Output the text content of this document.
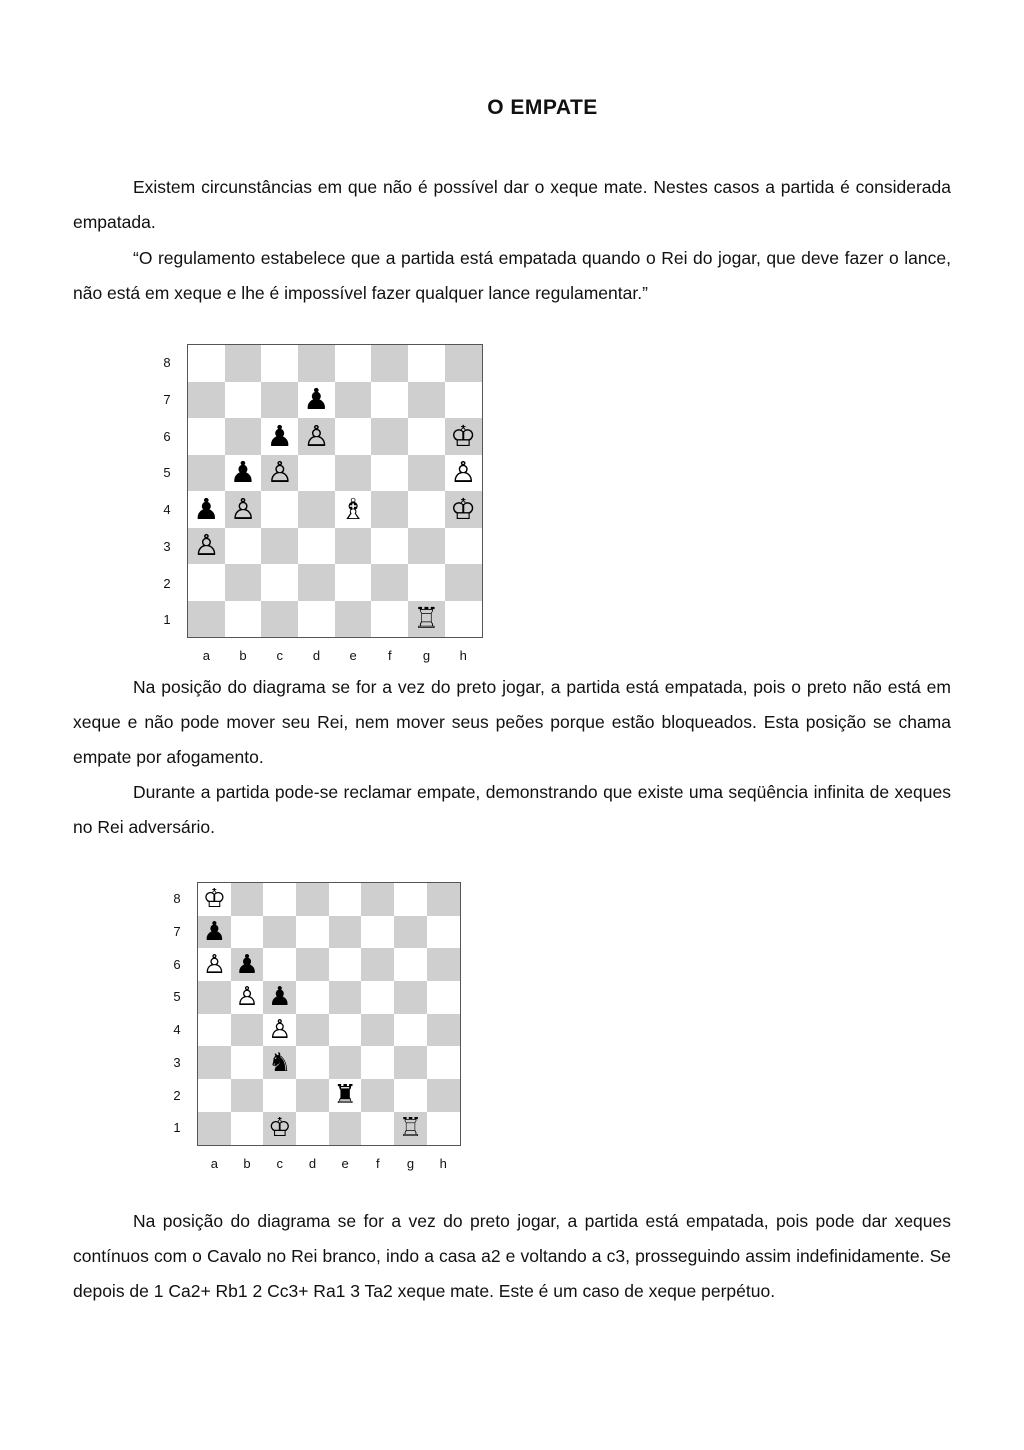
O EMPATE

Existem circunstâncias em que não é possível dar o xeque mate. Nestes casos a partida é considerada empatada.

“O regulamento estabelece que a partida está empatada quando o Rei do jogar, que deve fazer o lance, não está em xeque e lhe é impossível fazer qualquer lance regulamentar.”

♟
♟ ♙	♔
♟ ♙	♙
♟ ♙	♗	♔
♙
♖
8
7
6
5
4
3
2
1
a	b	c	d	e	f	g	h

Na posição do diagrama se for a vez do preto jogar, a partida está empatada, pois o preto não está em xeque e não pode mover seu Rei, nem mover seus peões porque estão bloqueados. Esta posição se chama empate por afogamento.

Durante a partida pode-se reclamar empate, demonstrando que existe uma seqüência infinita de xeques no Rei adversário.

♔
♟
♙ ♟
♙ ♟
♙
♞
♜
♔	♖
8
7
6
5
4
3
2
1
a	b	c	d	e	f	g	h

Na posição do diagrama se for a vez do preto jogar, a partida está empatada, pois pode dar xeques contínuos com o Cavalo no Rei branco, indo a casa a2 e voltando a c3, prosseguindo assim indefinidamente. Se depois de 1 Ca2+ Rb1 2 Cc3+ Ra1 3 Ta2 xeque mate. Este é um caso de xeque perpétuo.
